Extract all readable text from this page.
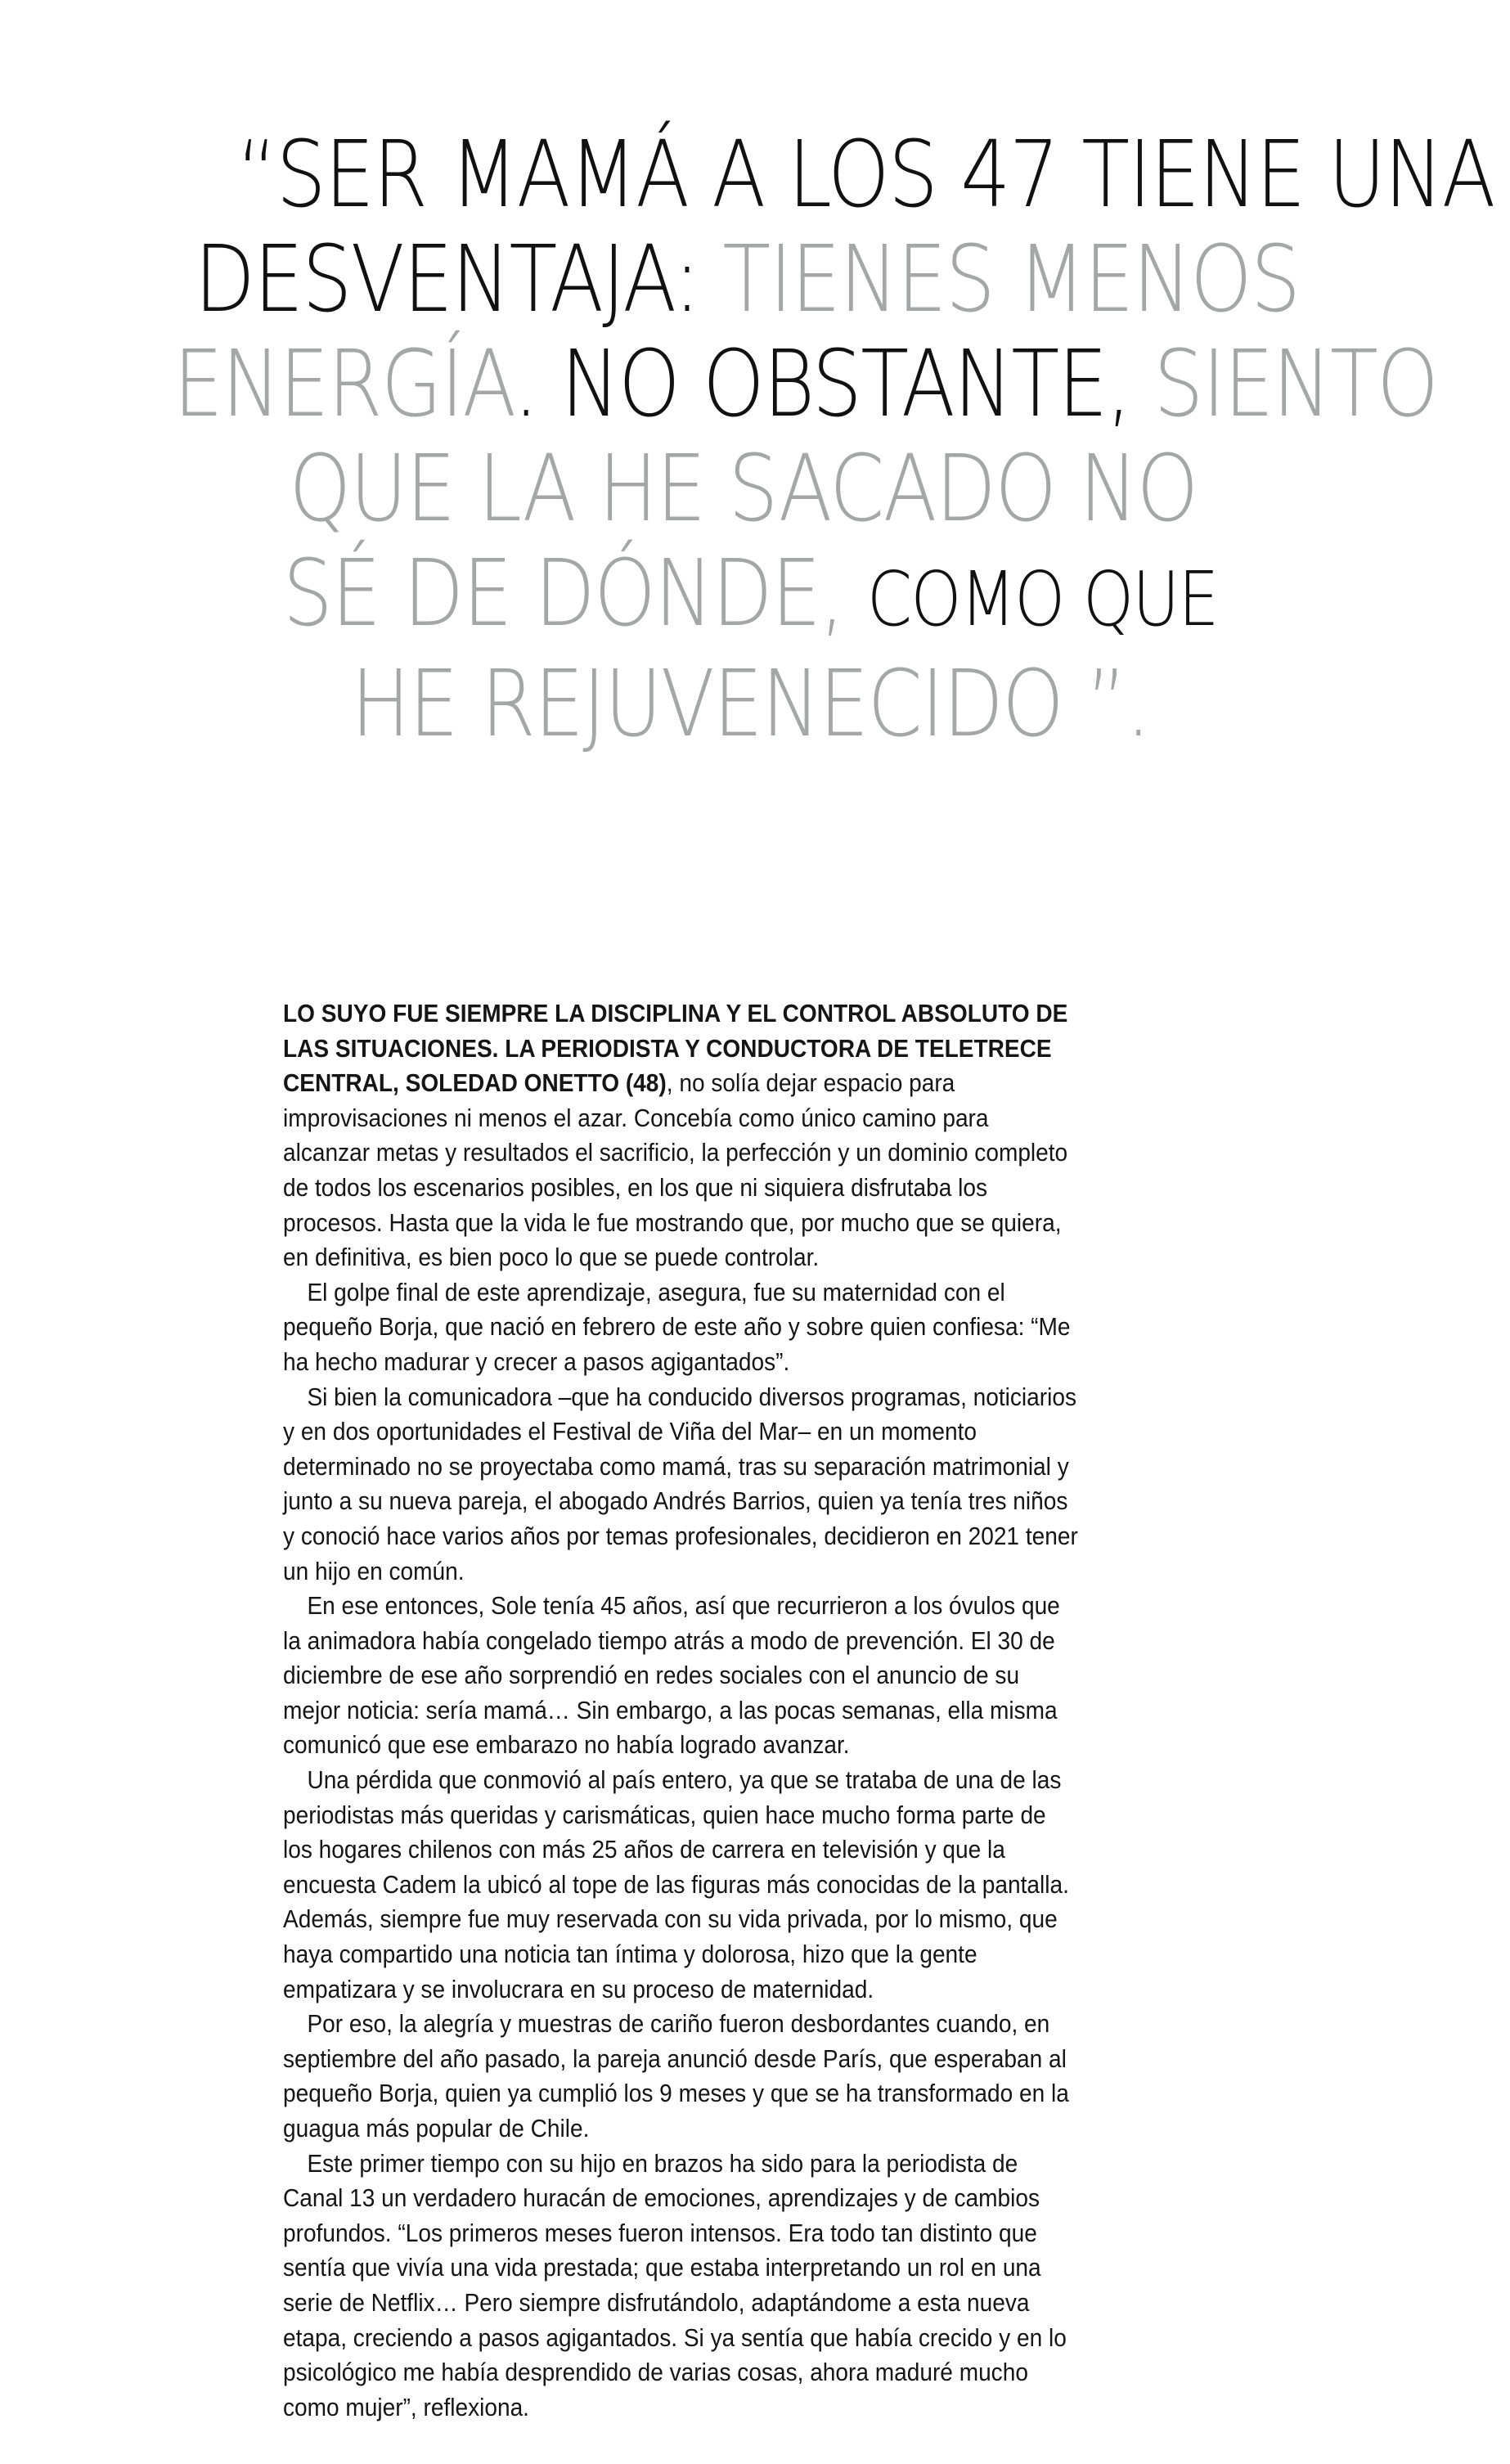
“SER MAMÁ A LOS 47 TIENE UNA
DESVENTAJA: TIENES MENOS
ENERGÍA. NO OBSTANTE, SIENTO
QUE LA HE SACADO NO
SÉ DE DÓNDE, COMO QUE
HE REJUVENECIDO ”.

LO SUYO FUE SIEMPRE LA DISCIPLINA Y EL CONTROL ABSOLUTO DE LAS SITUACIONES. LA PERIODISTA Y CONDUCTORA DE TELETRECE CENTRAL, SOLEDAD ONETTO (48), no solía dejar espacio para improvisaciones ni menos el azar. Concebía como único camino para alcanzar metas y resultados el sacrificio, la perfección y un dominio completo de todos los escenarios posibles, en los que ni siquiera disfrutaba los procesos. Hasta que la vida le fue mostrando que, por mucho que se quiera, en definitiva, es bien poco lo que se puede controlar.

El golpe final de este aprendizaje, asegura, fue su maternidad con el pequeño Borja, que nació en febrero de este año y sobre quien confiesa: “Me ha hecho madurar y crecer a pasos agigantados”.

Si bien la comunicadora –que ha conducido diversos programas, noticiarios y en dos oportunidades el Festival de Viña del Mar– en un momento determinado no se proyectaba como mamá, tras su separación matrimonial y junto a su nueva pareja, el abogado Andrés Barrios, quien ya tenía tres niños y conoció hace varios años por temas profesionales, decidieron en 2021 tener un hijo en común.

En ese entonces, Sole tenía 45 años, así que recurrieron a los óvulos que la animadora había congelado tiempo atrás a modo de prevención. El 30 de diciembre de ese año sorprendió en redes sociales con el anuncio de su mejor noticia: sería mamá… Sin embargo, a las pocas semanas, ella misma comunicó que ese embarazo no había logrado avanzar.

Una pérdida que conmovió al país entero, ya que se trataba de una de las periodistas más queridas y carismáticas, quien hace mucho forma parte de los hogares chilenos con más 25 años de carrera en televisión y que la encuesta Cadem la ubicó al tope de las figuras más conocidas de la pantalla. Además, siempre fue muy reservada con su vida privada, por lo mismo, que haya compartido una noticia tan íntima y dolorosa, hizo que la gente empatizara y se involucrara en su proceso de maternidad.

Por eso, la alegría y muestras de cariño fueron desbordantes cuando, en septiembre del año pasado, la pareja anunció desde París, que esperaban al pequeño Borja, quien ya cumplió los 9 meses y que se ha transformado en la guagua más popular de Chile.

Este primer tiempo con su hijo en brazos ha sido para la periodista de Canal 13 un verdadero huracán de emociones, aprendizajes y de cambios profundos. “Los primeros meses fueron intensos. Era todo tan distinto que sentía que vivía una vida prestada; que estaba interpretando un rol en una serie de Netflix… Pero siempre disfrutándolo, adaptándome a esta nueva etapa, creciendo a pasos agigantados. Si ya sentía que había crecido y en lo psicológico me había desprendido de varias cosas, ahora maduré mucho como mujer”, reflexiona.
